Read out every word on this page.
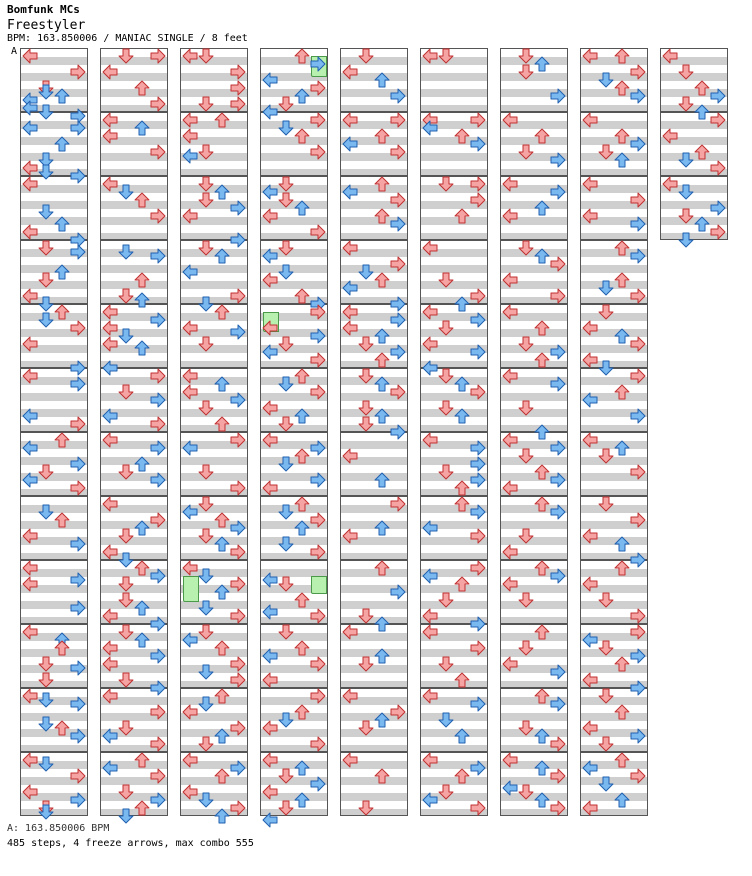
Bomfunk MCs
Freestyler
BPM: 163.850006 / MANIAC SINGLE / 8 feet
A
A: 163.850006 BPM
485 steps, 4 freeze arrows, max combo 555
